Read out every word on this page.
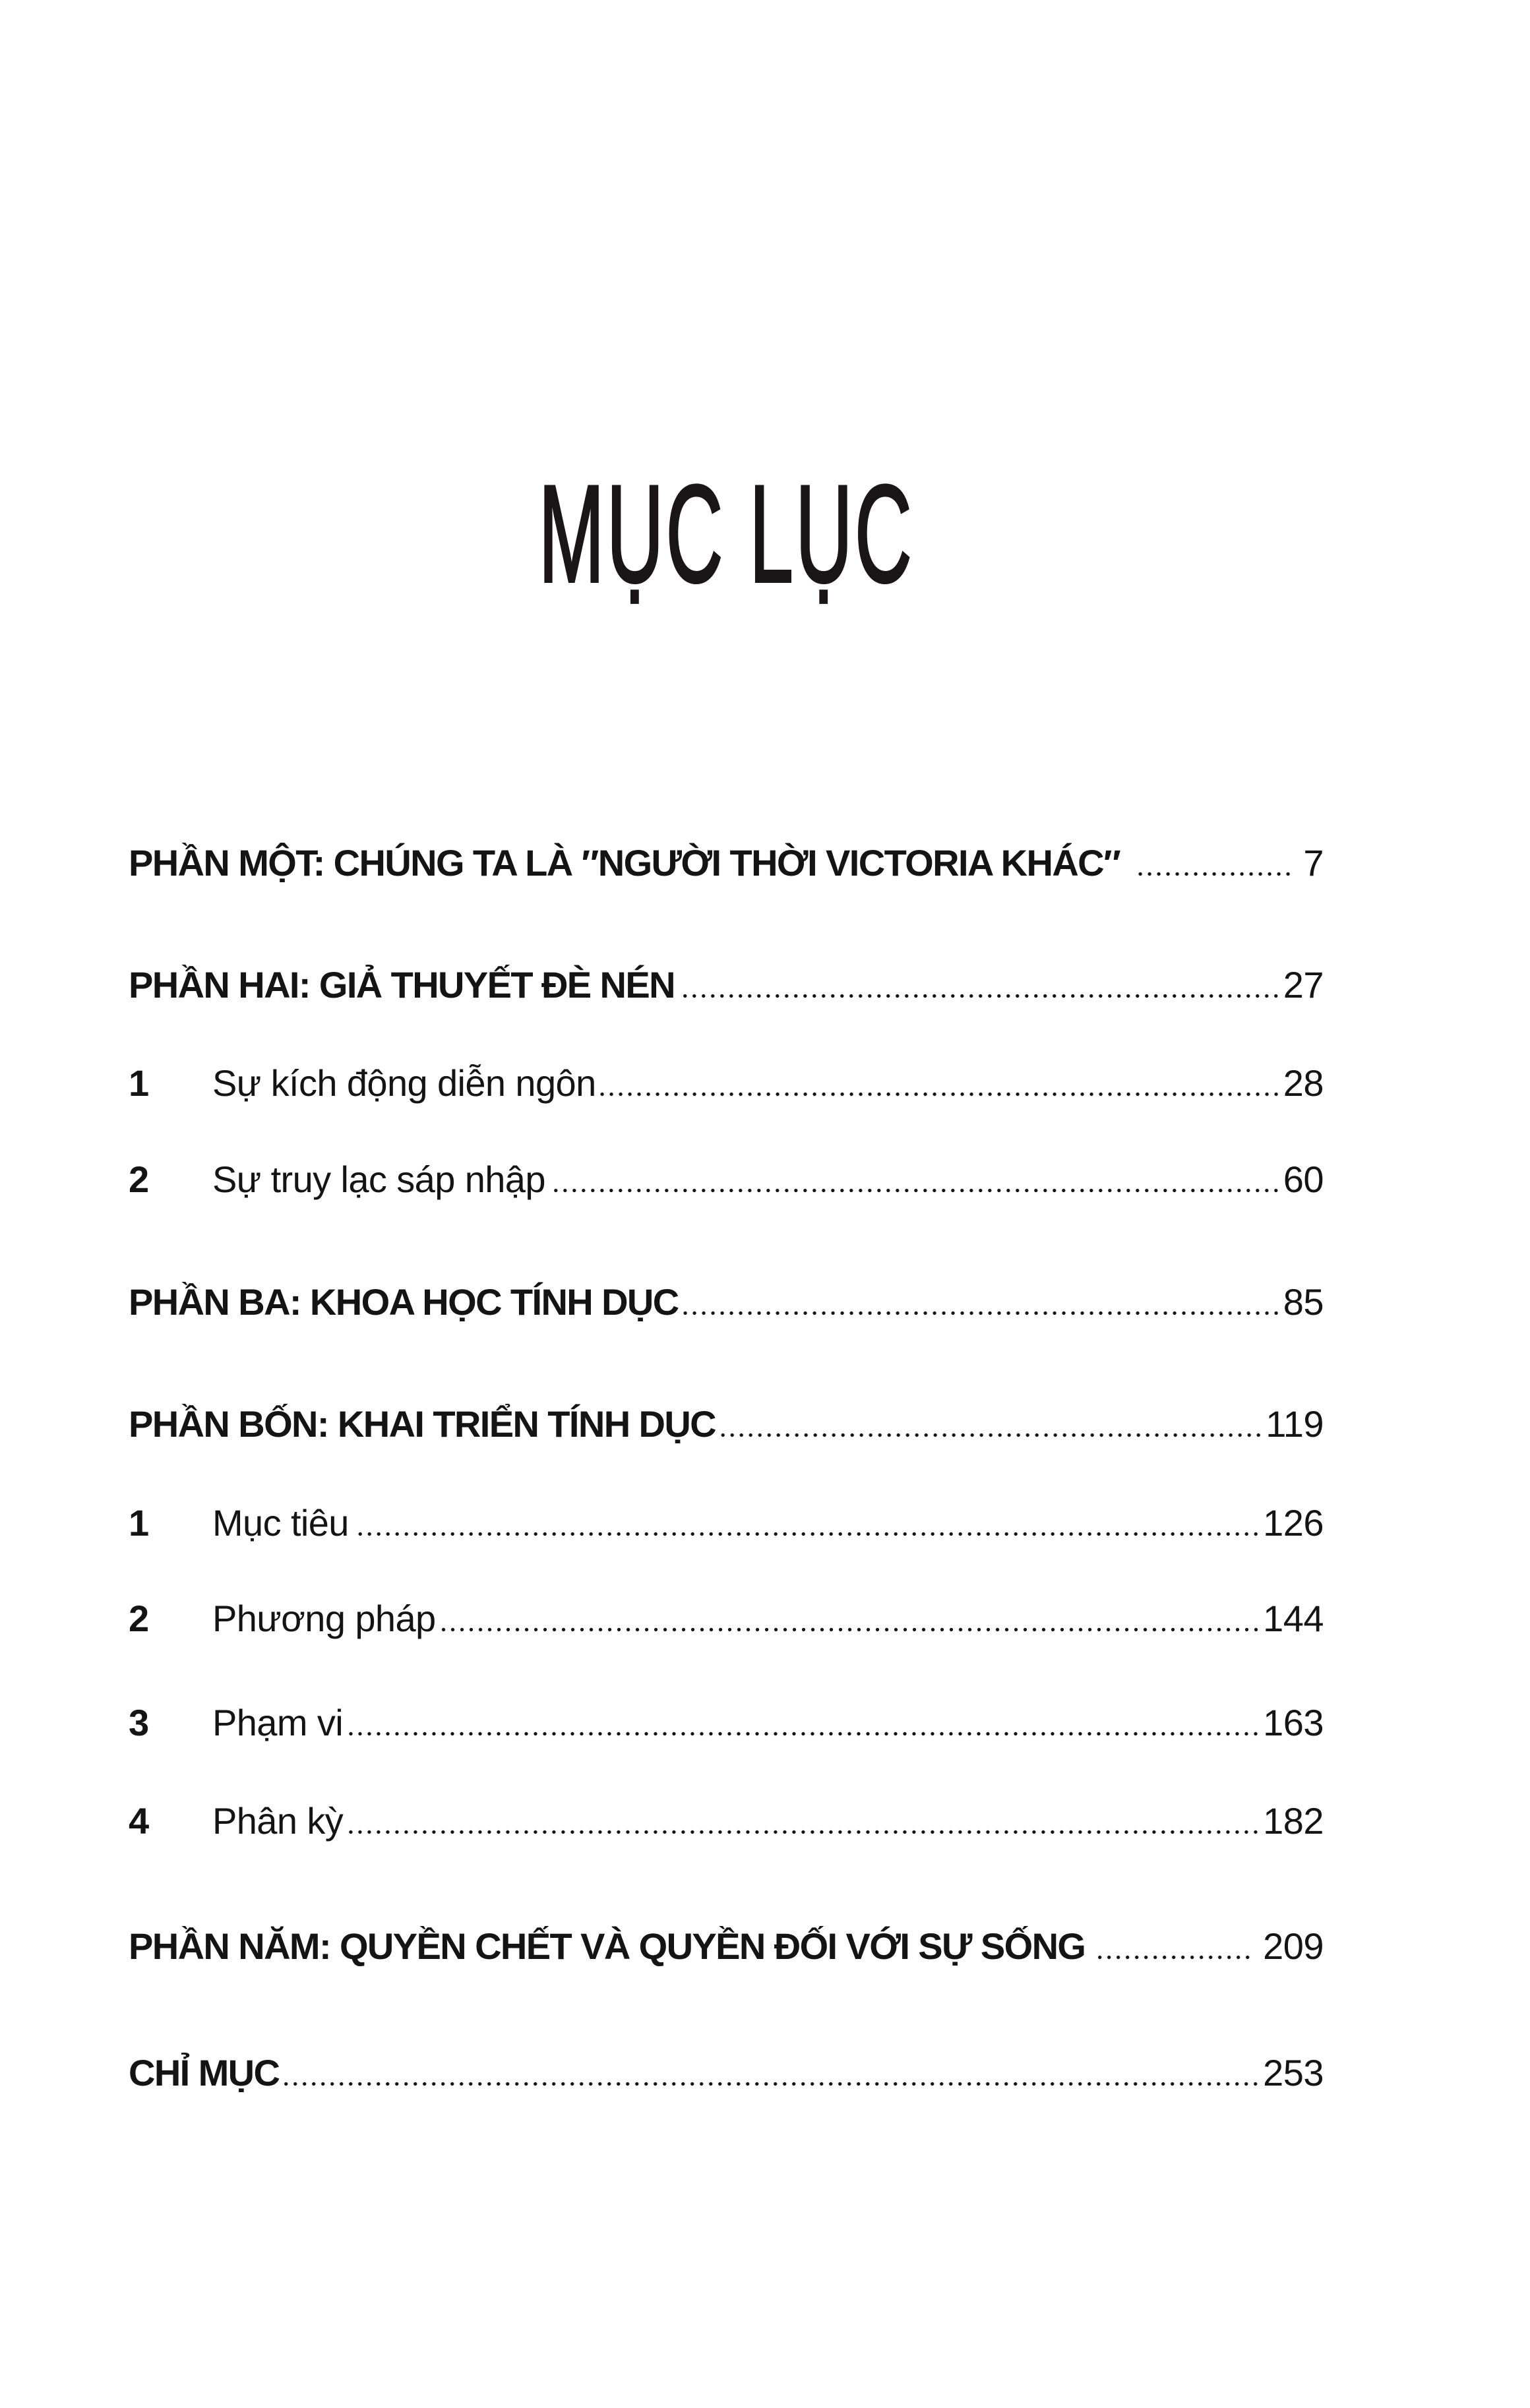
MỤC LỤC
PHẦN MỘT: CHÚNG TA LÀ ″NGƯỜI THỜI VICTORIA KHÁC″	7
PHẦN HAI: GIẢ THUYẾT ĐÈ NÉN	27
1	Sự kích động diễn ngôn	28
2	Sự truy lạc sáp nhập	60
PHẦN BA: KHOA HỌC TÍNH DỤC	85
PHẦN BỐN: KHAI TRIỂN TÍNH DỤC	119
1	Mục tiêu	126
2	Phương pháp	144
3	Phạm vi	163
4	Phân kỳ	182
PHẦN NĂM: QUYỀN CHẾT VÀ QUYỀN ĐỐI VỚI SỰ SỐNG	209
CHỈ MỤC	253
